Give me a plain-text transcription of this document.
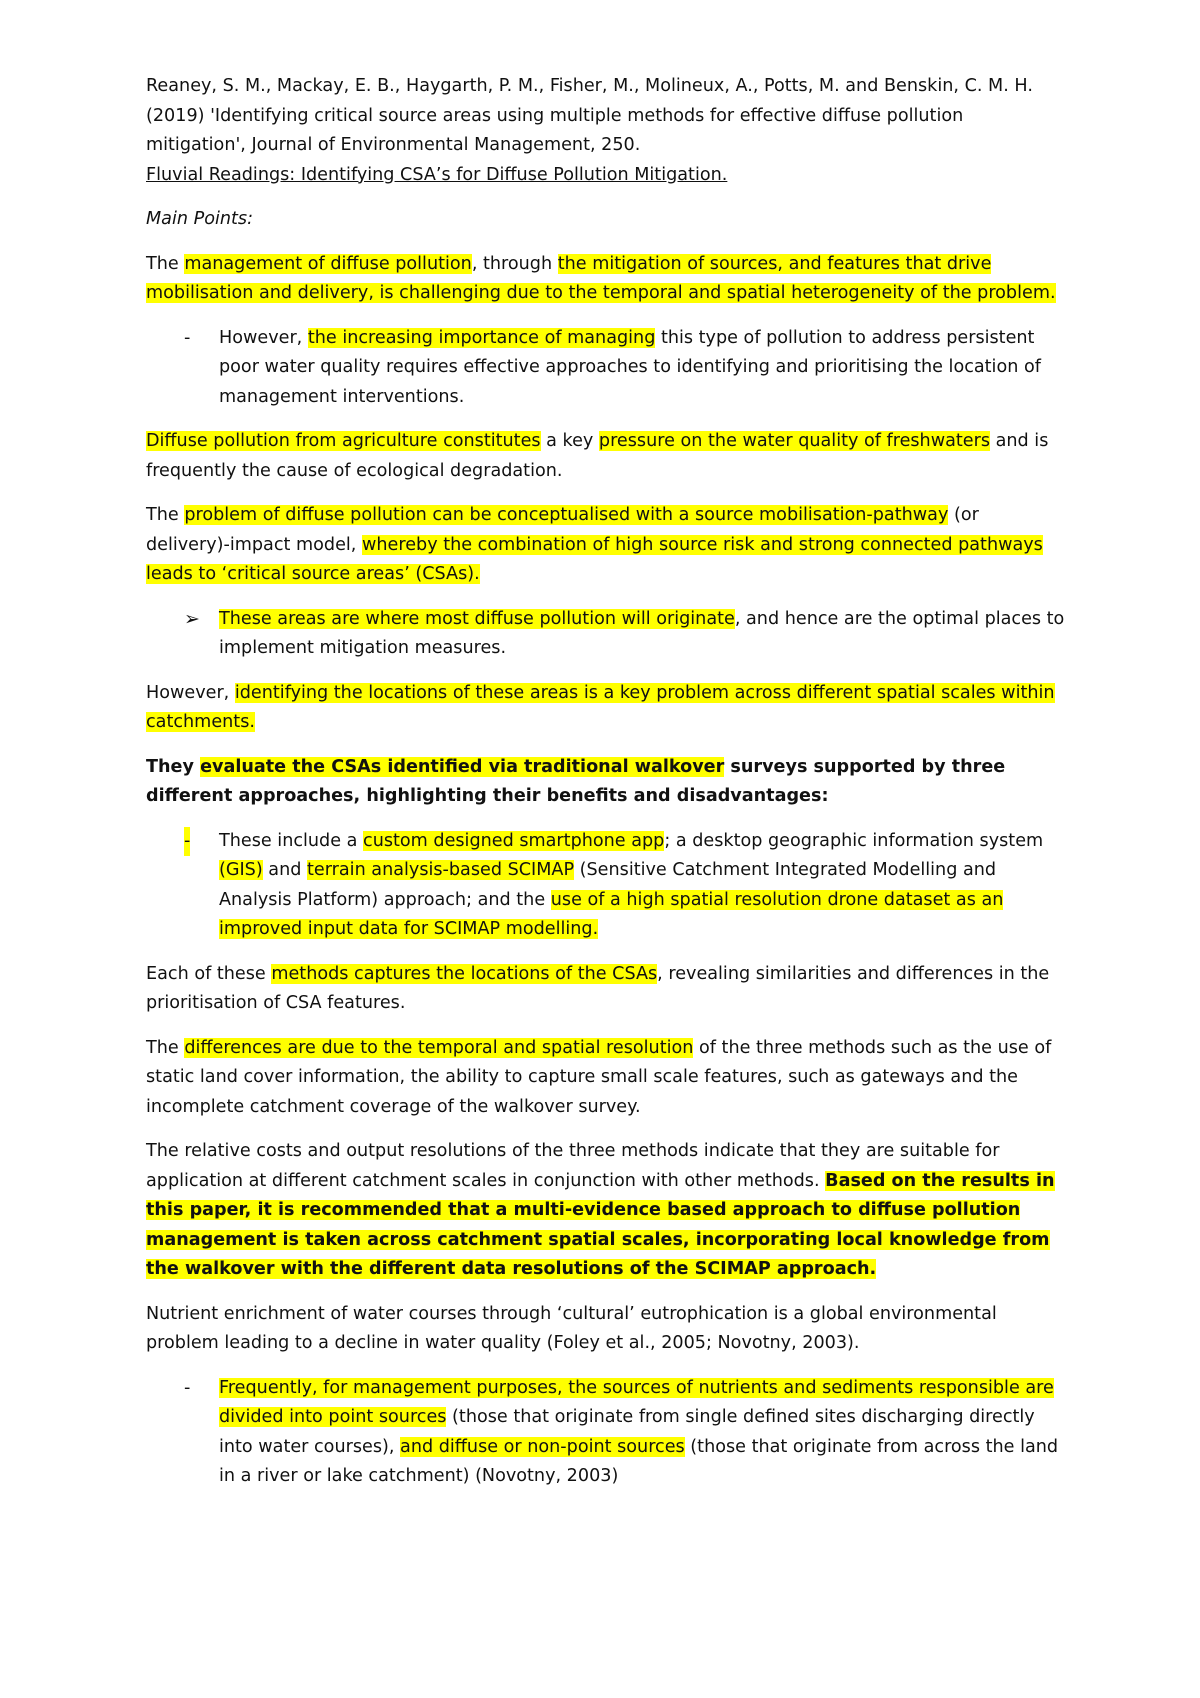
Reaney, S. M., Mackay, E. B., Haygarth, P. M., Fisher, M., Molineux, A., Potts, M. and Benskin, C. M. H.
(2019) 'Identifying critical source areas using multiple methods for effective diffuse pollution
mitigation', Journal of Environmental Management, 250.
Fluvial Readings: Identifying CSA’s for Diffuse Pollution Mitigation.

Main Points:

The management of diffuse pollution, through the mitigation of sources, and features that drive mobilisation and delivery, is challenging due to the temporal and spatial heterogeneity of the problem.

- However, the increasing importance of managing this type of pollution to address persistent poor water quality requires effective approaches to identifying and prioritising the location of management interventions.

Diffuse pollution from agriculture constitutes a key pressure on the water quality of freshwaters and is frequently the cause of ecological degradation.

The problem of diffuse pollution can be conceptualised with a source mobilisation-pathway (or delivery)-impact model, whereby the combination of high source risk and strong connected pathways leads to ‘critical source areas’ (CSAs).

➢ These areas are where most diffuse pollution will originate, and hence are the optimal places to implement mitigation measures.

However, identifying the locations of these areas is a key problem across different spatial scales within catchments.

They evaluate the CSAs identified via traditional walkover surveys supported by three different approaches, highlighting their benefits and disadvantages:

- These include a custom designed smartphone app; a desktop geographic information system (GIS) and terrain analysis-based SCIMAP (Sensitive Catchment Integrated Modelling and Analysis Platform) approach; and the use of a high spatial resolution drone dataset as an improved input data for SCIMAP modelling.

Each of these methods captures the locations of the CSAs, revealing similarities and differences in the prioritisation of CSA features.

The differences are due to the temporal and spatial resolution of the three methods such as the use of static land cover information, the ability to capture small scale features, such as gateways and the incomplete catchment coverage of the walkover survey.

The relative costs and output resolutions of the three methods indicate that they are suitable for application at different catchment scales in conjunction with other methods. Based on the results in this paper, it is recommended that a multi-evidence based approach to diffuse pollution management is taken across catchment spatial scales, incorporating local knowledge from the walkover with the different data resolutions of the SCIMAP approach.

Nutrient enrichment of water courses through ‘cultural’ eutrophication is a global environmental problem leading to a decline in water quality (Foley et al., 2005; Novotny, 2003).

- Frequently, for management purposes, the sources of nutrients and sediments responsible are divided into point sources (those that originate from single defined sites discharging directly into water courses), and diffuse or non-point sources (those that originate from across the land in a river or lake catchment) (Novotny, 2003)
